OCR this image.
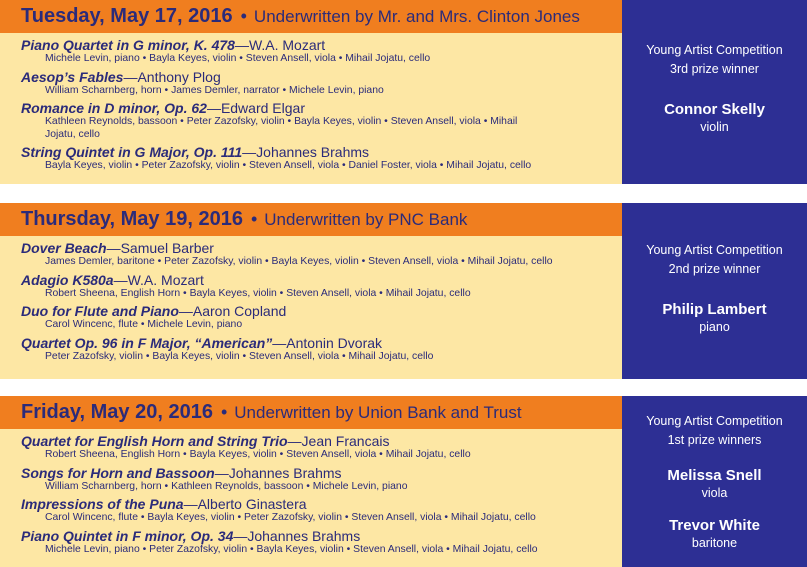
Tuesday, May 17, 2016 • Underwritten by Mr. and Mrs. Clinton Jones
Piano Quartet in G minor, K. 478—W.A. Mozart
Michele Levin, piano • Bayla Keyes, violin • Steven Ansell, viola • Mihail Jojatu, cello
Aesop’s Fables—Anthony Plog
William Scharnberg, horn • James Demler, narrator • Michele Levin, piano
Romance in D minor, Op. 62—Edward Elgar
Kathleen Reynolds, bassoon • Peter Zazofsky, violin • Bayla Keyes, violin • Steven Ansell, viola • Mihail Jojatu, cello
String Quintet in G Major, Op. 111—Johannes Brahms
Bayla Keyes, violin • Peter Zazofsky, violin • Steven Ansell, viola • Daniel Foster, viola • Mihail Jojatu, cello
Young Artist Competition
3rd prize winner
Connor Skelly
violin
Thursday, May 19, 2016 • Underwritten by PNC Bank
Dover Beach—Samuel Barber
James Demler, baritone • Peter Zazofsky, violin • Bayla Keyes, violin • Steven Ansell, viola • Mihail Jojatu, cello
Adagio K580a—W.A. Mozart
Robert Sheena, English Horn • Bayla Keyes, violin • Steven Ansell, viola • Mihail Jojatu, cello
Duo for Flute and Piano—Aaron Copland
Carol Wincenc, flute • Michele Levin, piano
Quartet Op. 96 in F Major, “American”—Antonin Dvorak
Peter Zazofsky, violin • Bayla Keyes, violin • Steven Ansell, viola • Mihail Jojatu, cello
Young Artist Competition
2nd prize winner
Philip Lambert
piano
Friday, May 20, 2016 • Underwritten by Union Bank and Trust
Quartet for English Horn and String Trio—Jean Francais
Robert Sheena, English Horn • Bayla Keyes, violin • Steven Ansell, viola • Mihail Jojatu, cello
Songs for Horn and Bassoon—Johannes Brahms
William Scharnberg, horn • Kathleen Reynolds, bassoon • Michele Levin, piano
Impressions of the Puna—Alberto Ginastera
Carol Wincenc, flute • Bayla Keyes, violin • Peter Zazofsky, violin • Steven Ansell, viola • Mihail Jojatu, cello
Piano Quintet in F minor, Op. 34—Johannes Brahms
Michele Levin, piano • Peter Zazofsky, violin • Bayla Keyes, violin • Steven Ansell, viola • Mihail Jojatu, cello
Young Artist Competition
1st prize winners
Melissa Snell
viola
Trevor White
baritone
